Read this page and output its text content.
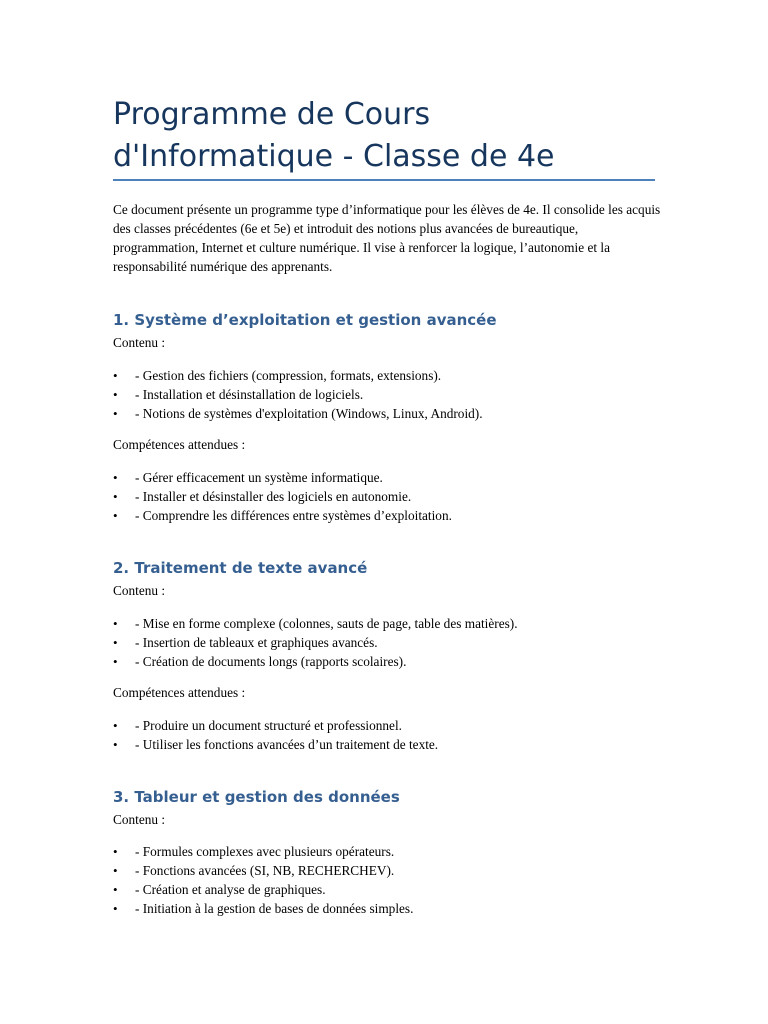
Programme de Cours d'Informatique - Classe de 4e

Ce document présente un programme type d’informatique pour les élèves de 4e. Il consolide les acquis des classes précédentes (6e et 5e) et introduit des notions plus avancées de bureautique, programmation, Internet et culture numérique. Il vise à renforcer la logique, l’autonomie et la responsabilité numérique des apprenants.

1. Système d’exploitation et gestion avancée

Contenu :

• - Gestion des fichiers (compression, formats, extensions).
• - Installation et désinstallation de logiciels.
• - Notions de systèmes d'exploitation (Windows, Linux, Android).

Compétences attendues :

• - Gérer efficacement un système informatique.
• - Installer et désinstaller des logiciels en autonomie.
• - Comprendre les différences entre systèmes d’exploitation.
2. Traitement de texte avancé

Contenu :

• - Mise en forme complexe (colonnes, sauts de page, table des matières).
• - Insertion de tableaux et graphiques avancés.
• - Création de documents longs (rapports scolaires).

Compétences attendues :

• - Produire un document structuré et professionnel.
• - Utiliser les fonctions avancées d’un traitement de texte.
3. Tableur et gestion des données

Contenu :

• - Formules complexes avec plusieurs opérateurs.
• - Fonctions avancées (SI, NB, RECHERCHEV).
• - Création et analyse de graphiques.
• - Initiation à la gestion de bases de données simples.
